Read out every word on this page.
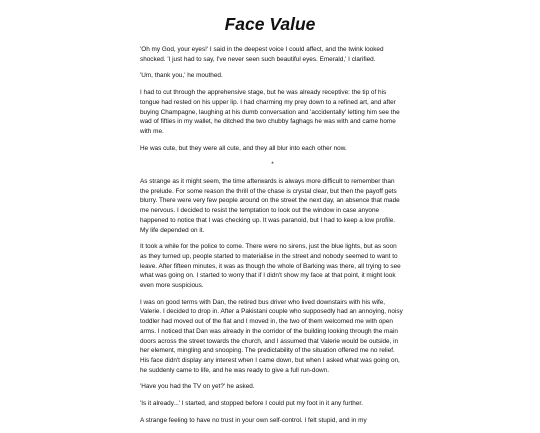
Face Value

'Oh my God, your eyes!' I said in the deepest voice I could affect, and the twink looked shocked. 'I just had to say, I've never seen such beautiful eyes. Emerald,' I clarified.

'Um, thank you,' he mouthed.

I had to cut through the apprehensive stage, but he was already receptive: the tip of his tongue had rested on his upper lip. I had charming my prey down to a refined art, and after buying Champagne, laughing at his dumb conversation and 'accidentally' letting him see the wad of fifties in my wallet, he ditched the two chubby faghags he was with and came home with me.

He was cute, but they were all cute, and they all blur into each other now.

*

As strange as it might seem, the time afterwards is always more difficult to remember than the prelude. For some reason the thrill of the chase is crystal clear, but then the payoff gets blurry. There were very few people around on the street the next day, an absence that made me nervous. I decided to resist the temptation to look out the window in case anyone happened to notice that I was checking up. It was paranoid, but I had to keep a low profile. My life depended on it.

It took a while for the police to come. There were no sirens, just the blue lights, but as soon as they turned up, people started to materialise in the street and nobody seemed to want to leave. After fifteen minutes, it was as though the whole of Barking was there, all trying to see what was going on. I started to worry that if I didn't show my face at that point, it might look even more suspicious.

I was on good terms with Dan, the retired bus driver who lived downstairs with his wife, Valerie. I decided to drop in. After a Pakistani couple who supposedly had an annoying, noisy toddler had moved out of the flat and I moved in, the two of them welcomed me with open arms. I noticed that Dan was already in the corridor of the building looking through the main doors across the street towards the church, and I assumed that Valerie would be outside, in her element, mingling and snooping. The predictability of the situation offered me no relief. His face didn't display any interest when I came down, but when I asked what was going on, he suddenly came to life, and he was ready to give a full run-down.

'Have you had the TV on yet?' he asked.

'Is it already...' I started, and stopped before I could put my foot in it any further.

A strange feeling to have no trust in your own self-control. I felt stupid, and in my
